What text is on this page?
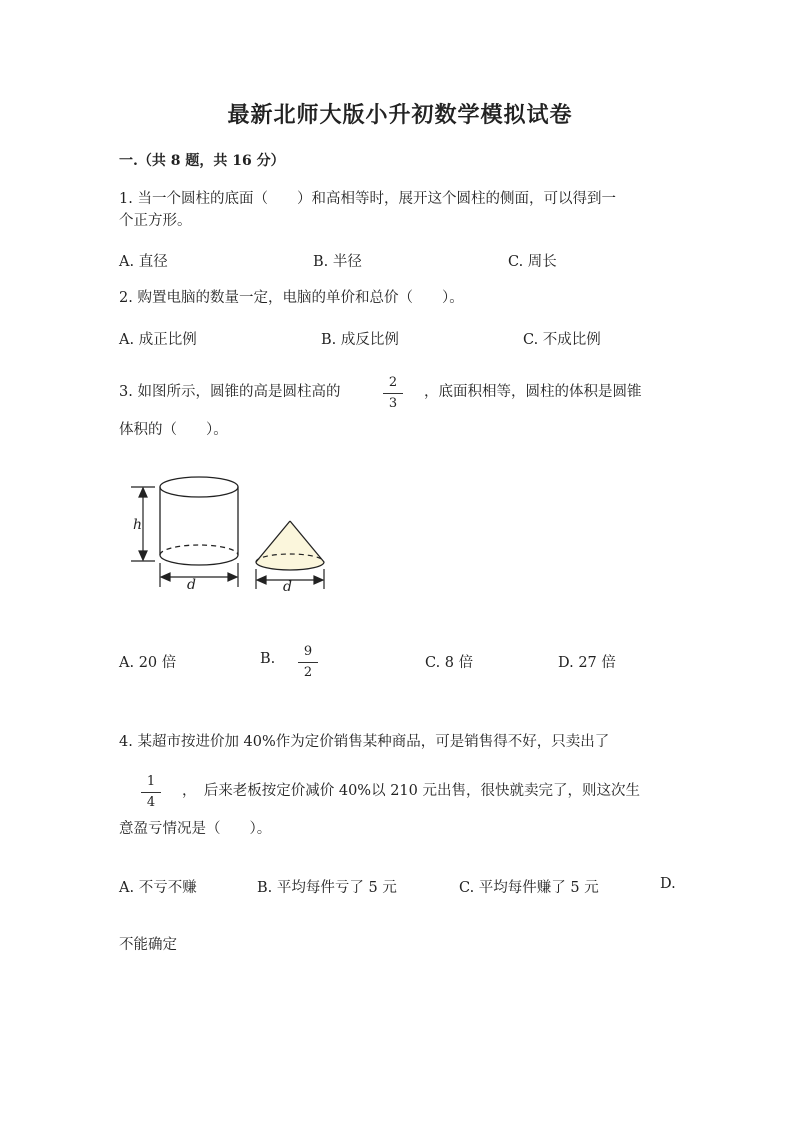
最新北师大版小升初数学模拟试卷
一.（共 8 题，共 16 分）
1. 当一个圆柱的底面（　　）和高相等时，展开这个圆柱的侧面，可以得到一
个正方形。
A. 直径	B. 半径	C. 周长
2. 购置电脑的数量一定，电脑的单价和总价（　　）。
A. 成正比例	B. 成反比例	C. 不成比例
3. 如图所示，圆锥的高是圆柱高的
2
3
，底面积相等，圆柱的体积是圆锥
体积的（　　）。
h
d	d
A. 20 倍	B.	9
2
C. 8 倍	D. 27 倍
4. 某超市按进价加 40%作为定价销售某种商品，可是销售得不好，只卖出了
1
4
，　后来老板按定价减价 40%以 210 元出售，很快就卖完了，则这次生
意盈亏情况是（　　）。
A. 不亏不赚	B. 平均每件亏了 5 元	C. 平均每件赚了 5 元	D.
不能确定
